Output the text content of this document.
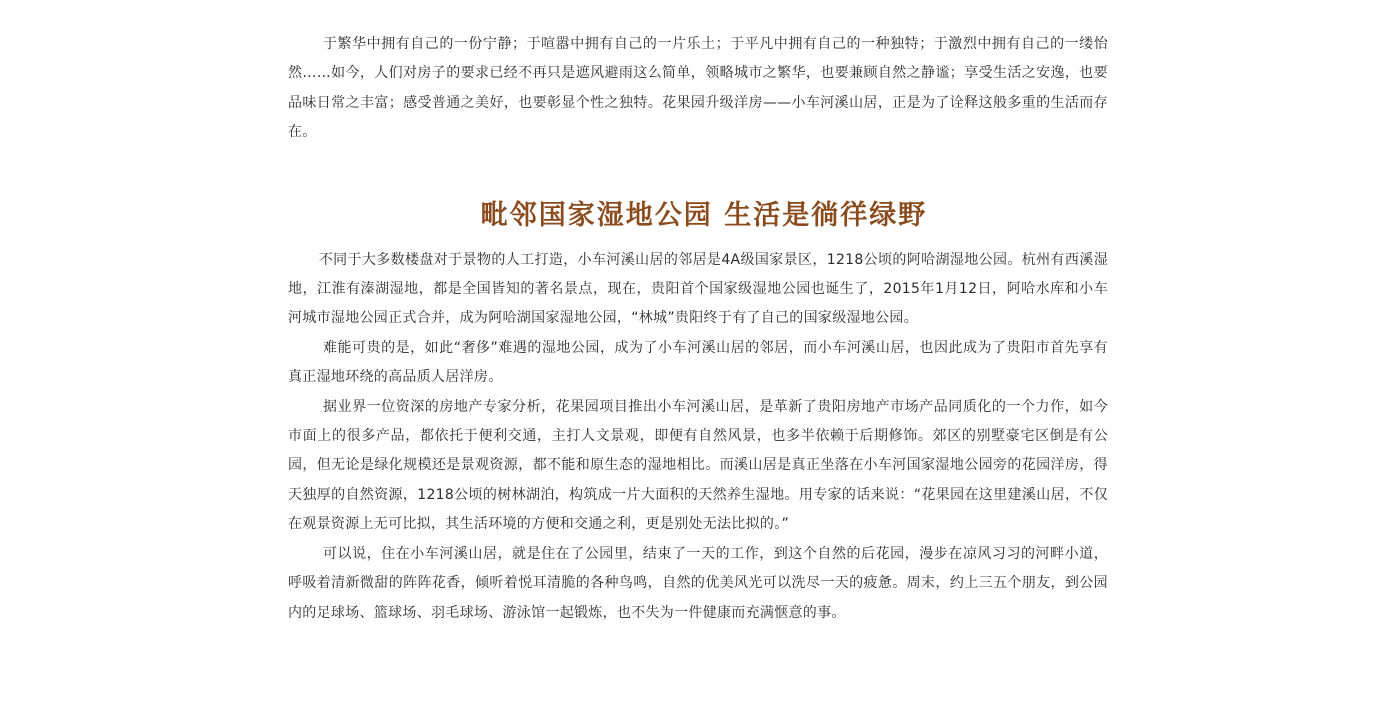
于繁华中拥有自己的一份宁静；于喧嚣中拥有自己的一片乐土；于平凡中拥有自己的一种独特；于激烈中拥有自己的一缕怡然……如今，人们对房子的要求已经不再只是遮风避雨这么简单，领略城市之繁华，也要兼顾自然之静谧；享受生活之安逸，也要品味日常之丰富；感受普通之美好，也要彰显个性之独特。花果园升级洋房——小车河溪山居，正是为了诠释这般多重的生活而存在。

毗邻国家湿地公园 生活是徜徉绿野

不同于大多数楼盘对于景物的人工打造，小车河溪山居的邻居是4A级国家景区，1218公顷的阿哈湖湿地公园。杭州有西溪湿地，江淮有溱湖湿地，都是全国皆知的著名景点，现在，贵阳首个国家级湿地公园也诞生了，2015年1月12日，阿哈水库和小车河城市湿地公园正式合并，成为阿哈湖国家湿地公园，“林城”贵阳终于有了自己的国家级湿地公园。

难能可贵的是，如此“奢侈”难遇的湿地公园，成为了小车河溪山居的邻居，而小车河溪山居，也因此成为了贵阳市首先享有真正湿地环绕的高品质人居洋房。

据业界一位资深的房地产专家分析，花果园项目推出小车河溪山居，是革新了贵阳房地产市场产品同质化的一个力作，如今市面上的很多产品，都依托于便利交通，主打人文景观，即便有自然风景，也多半依赖于后期修饰。郊区的别墅豪宅区倒是有公园，但无论是绿化规模还是景观资源，都不能和原生态的湿地相比。而溪山居是真正坐落在小车河国家湿地公园旁的花园洋房，得天独厚的自然资源，1218公顷的树林湖泊，构筑成一片大面积的天然养生湿地。用专家的话来说：“花果园在这里建溪山居，不仅在观景资源上无可比拟，其生活环境的方便和交通之利，更是别处无法比拟的。”

可以说，住在小车河溪山居，就是住在了公园里，结束了一天的工作，到这个自然的后花园，漫步在凉风习习的河畔小道，呼吸着清新微甜的阵阵花香，倾听着悦耳清脆的各种鸟鸣，自然的优美风光可以洗尽一天的疲惫。周末，约上三五个朋友，到公园内的足球场、篮球场、羽毛球场、游泳馆一起锻炼，也不失为一件健康而充满惬意的事。
